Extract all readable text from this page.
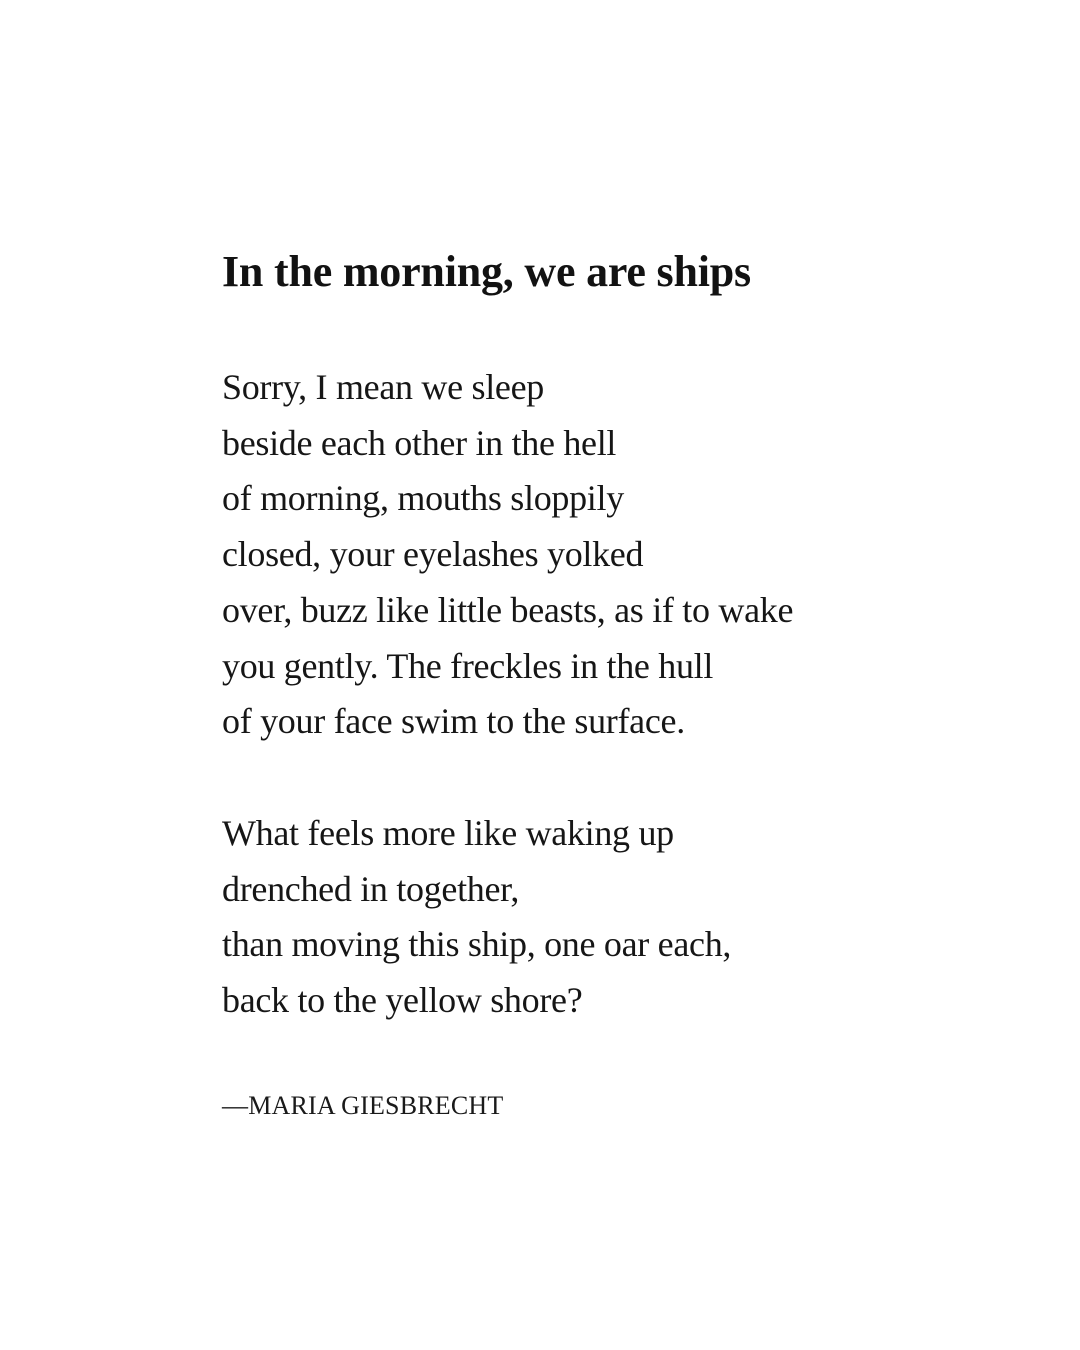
In the morning, we are ships
Sorry, I mean we sleep
beside each other in the hell
of morning, mouths sloppily
closed, your eyelashes yolked
over, buzz like little beasts, as if to wake
you gently. The freckles in the hull
of your face swim to the surface.
What feels more like waking up
drenched in together,
than moving this ship, one oar each,
back to the yellow shore?
—MARIA GIESBRECHT
